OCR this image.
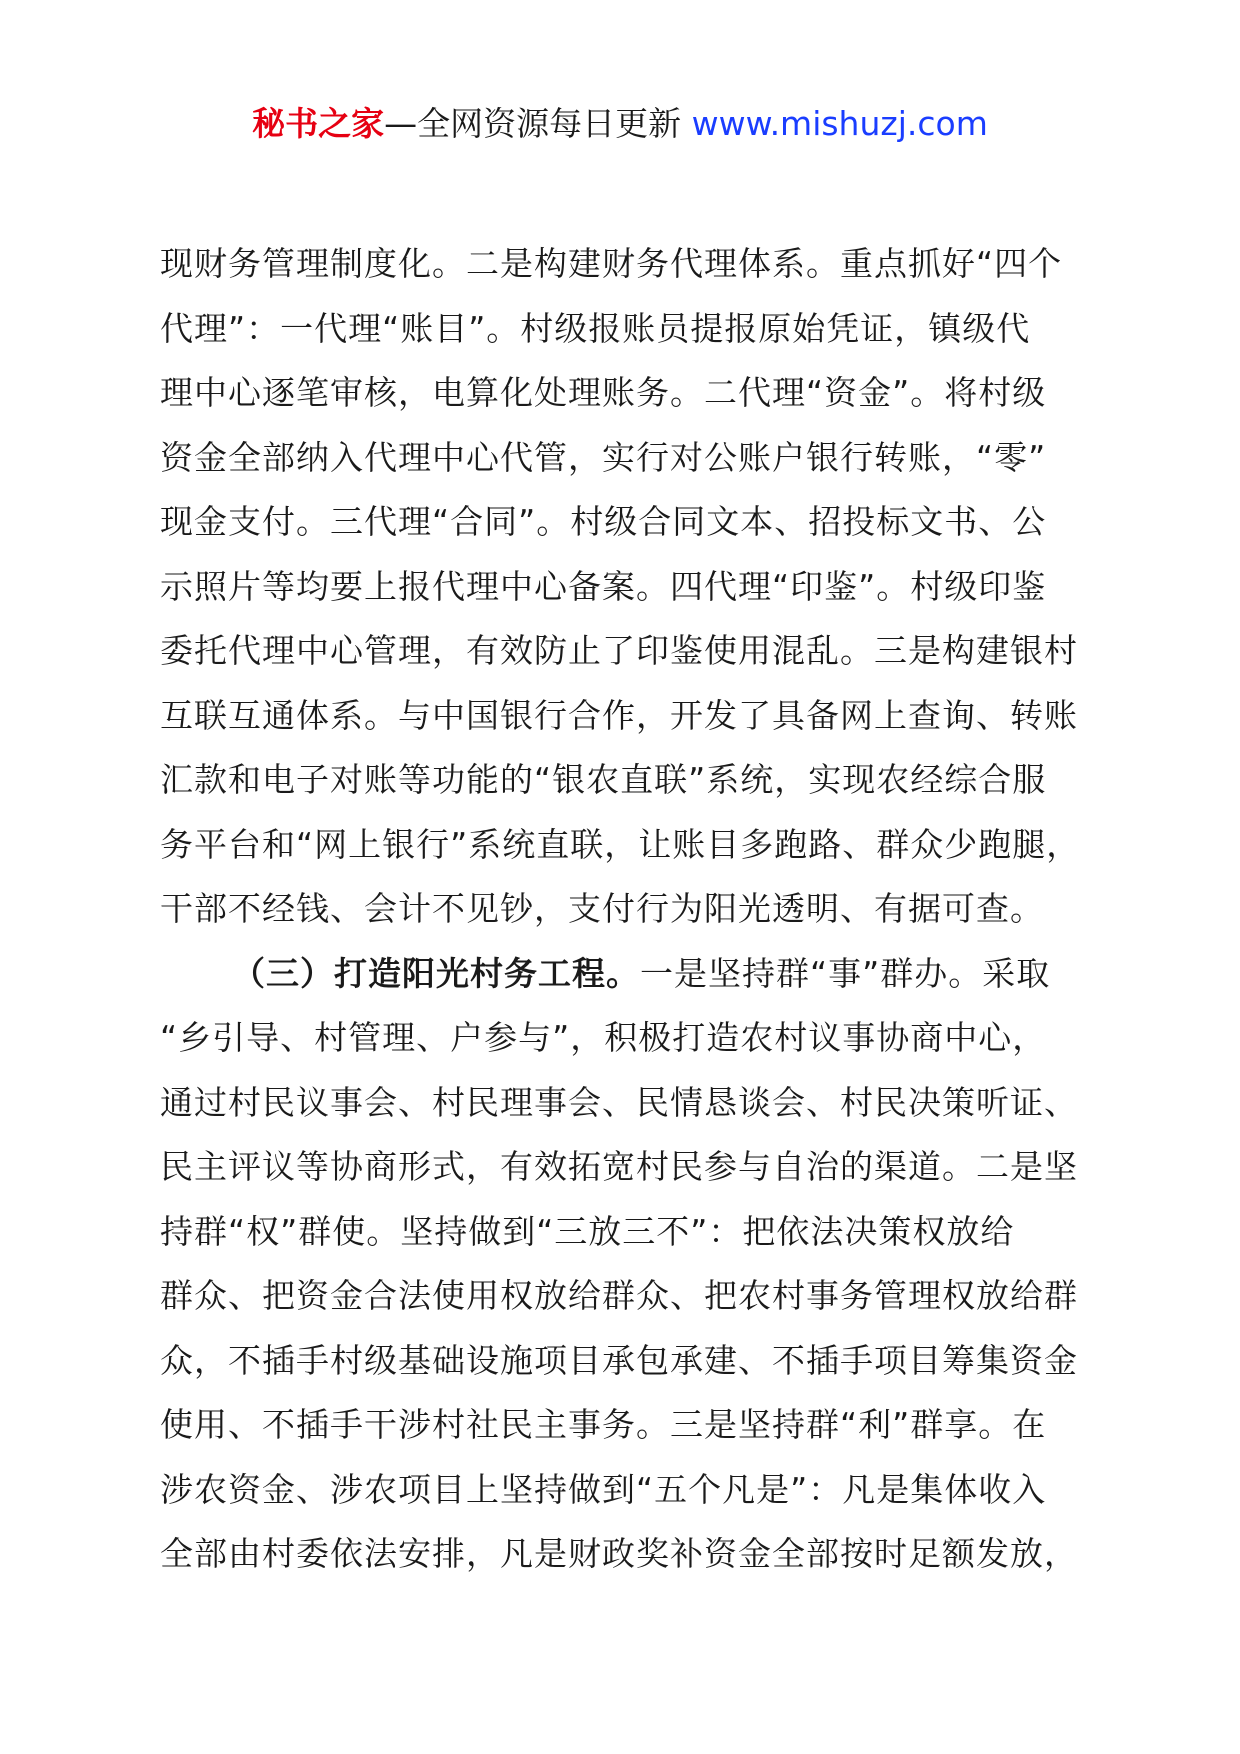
秘书之家—全网资源每日更新 www.mishuzj.com
现财务管理制度化。二是构建财务代理体系。重点抓好“四个
代理”：一代理“账目”。村级报账员提报原始凭证，镇级代
理中心逐笔审核，电算化处理账务。二代理“资金”。将村级
资金全部纳入代理中心代管，实行对公账户银行转账，“零”
现金支付。三代理“合同”。村级合同文本、招投标文书、公
示照片等均要上报代理中心备案。四代理“印鉴”。村级印鉴
委托代理中心管理，有效防止了印鉴使用混乱。三是构建银村
互联互通体系。与中国银行合作，开发了具备网上查询、转账
汇款和电子对账等功能的“银农直联”系统，实现农经综合服
务平台和“网上银行”系统直联，让账目多跑路、群众少跑腿，
干部不经钱、会计不见钞，支付行为阳光透明、有据可查。
（三）打造阳光村务工程。一是坚持群“事”群办。采取
“乡引导、村管理、户参与”，积极打造农村议事协商中心，
通过村民议事会、村民理事会、民情恳谈会、村民决策听证、
民主评议等协商形式，有效拓宽村民参与自治的渠道。二是坚
持群“权”群使。坚持做到“三放三不”：把依法决策权放给
群众、把资金合法使用权放给群众、把农村事务管理权放给群
众，不插手村级基础设施项目承包承建、不插手项目筹集资金
使用、不插手干涉村社民主事务。三是坚持群“利”群享。在
涉农资金、涉农项目上坚持做到“五个凡是”：凡是集体收入
全部由村委依法安排，凡是财政奖补资金全部按时足额发放，
